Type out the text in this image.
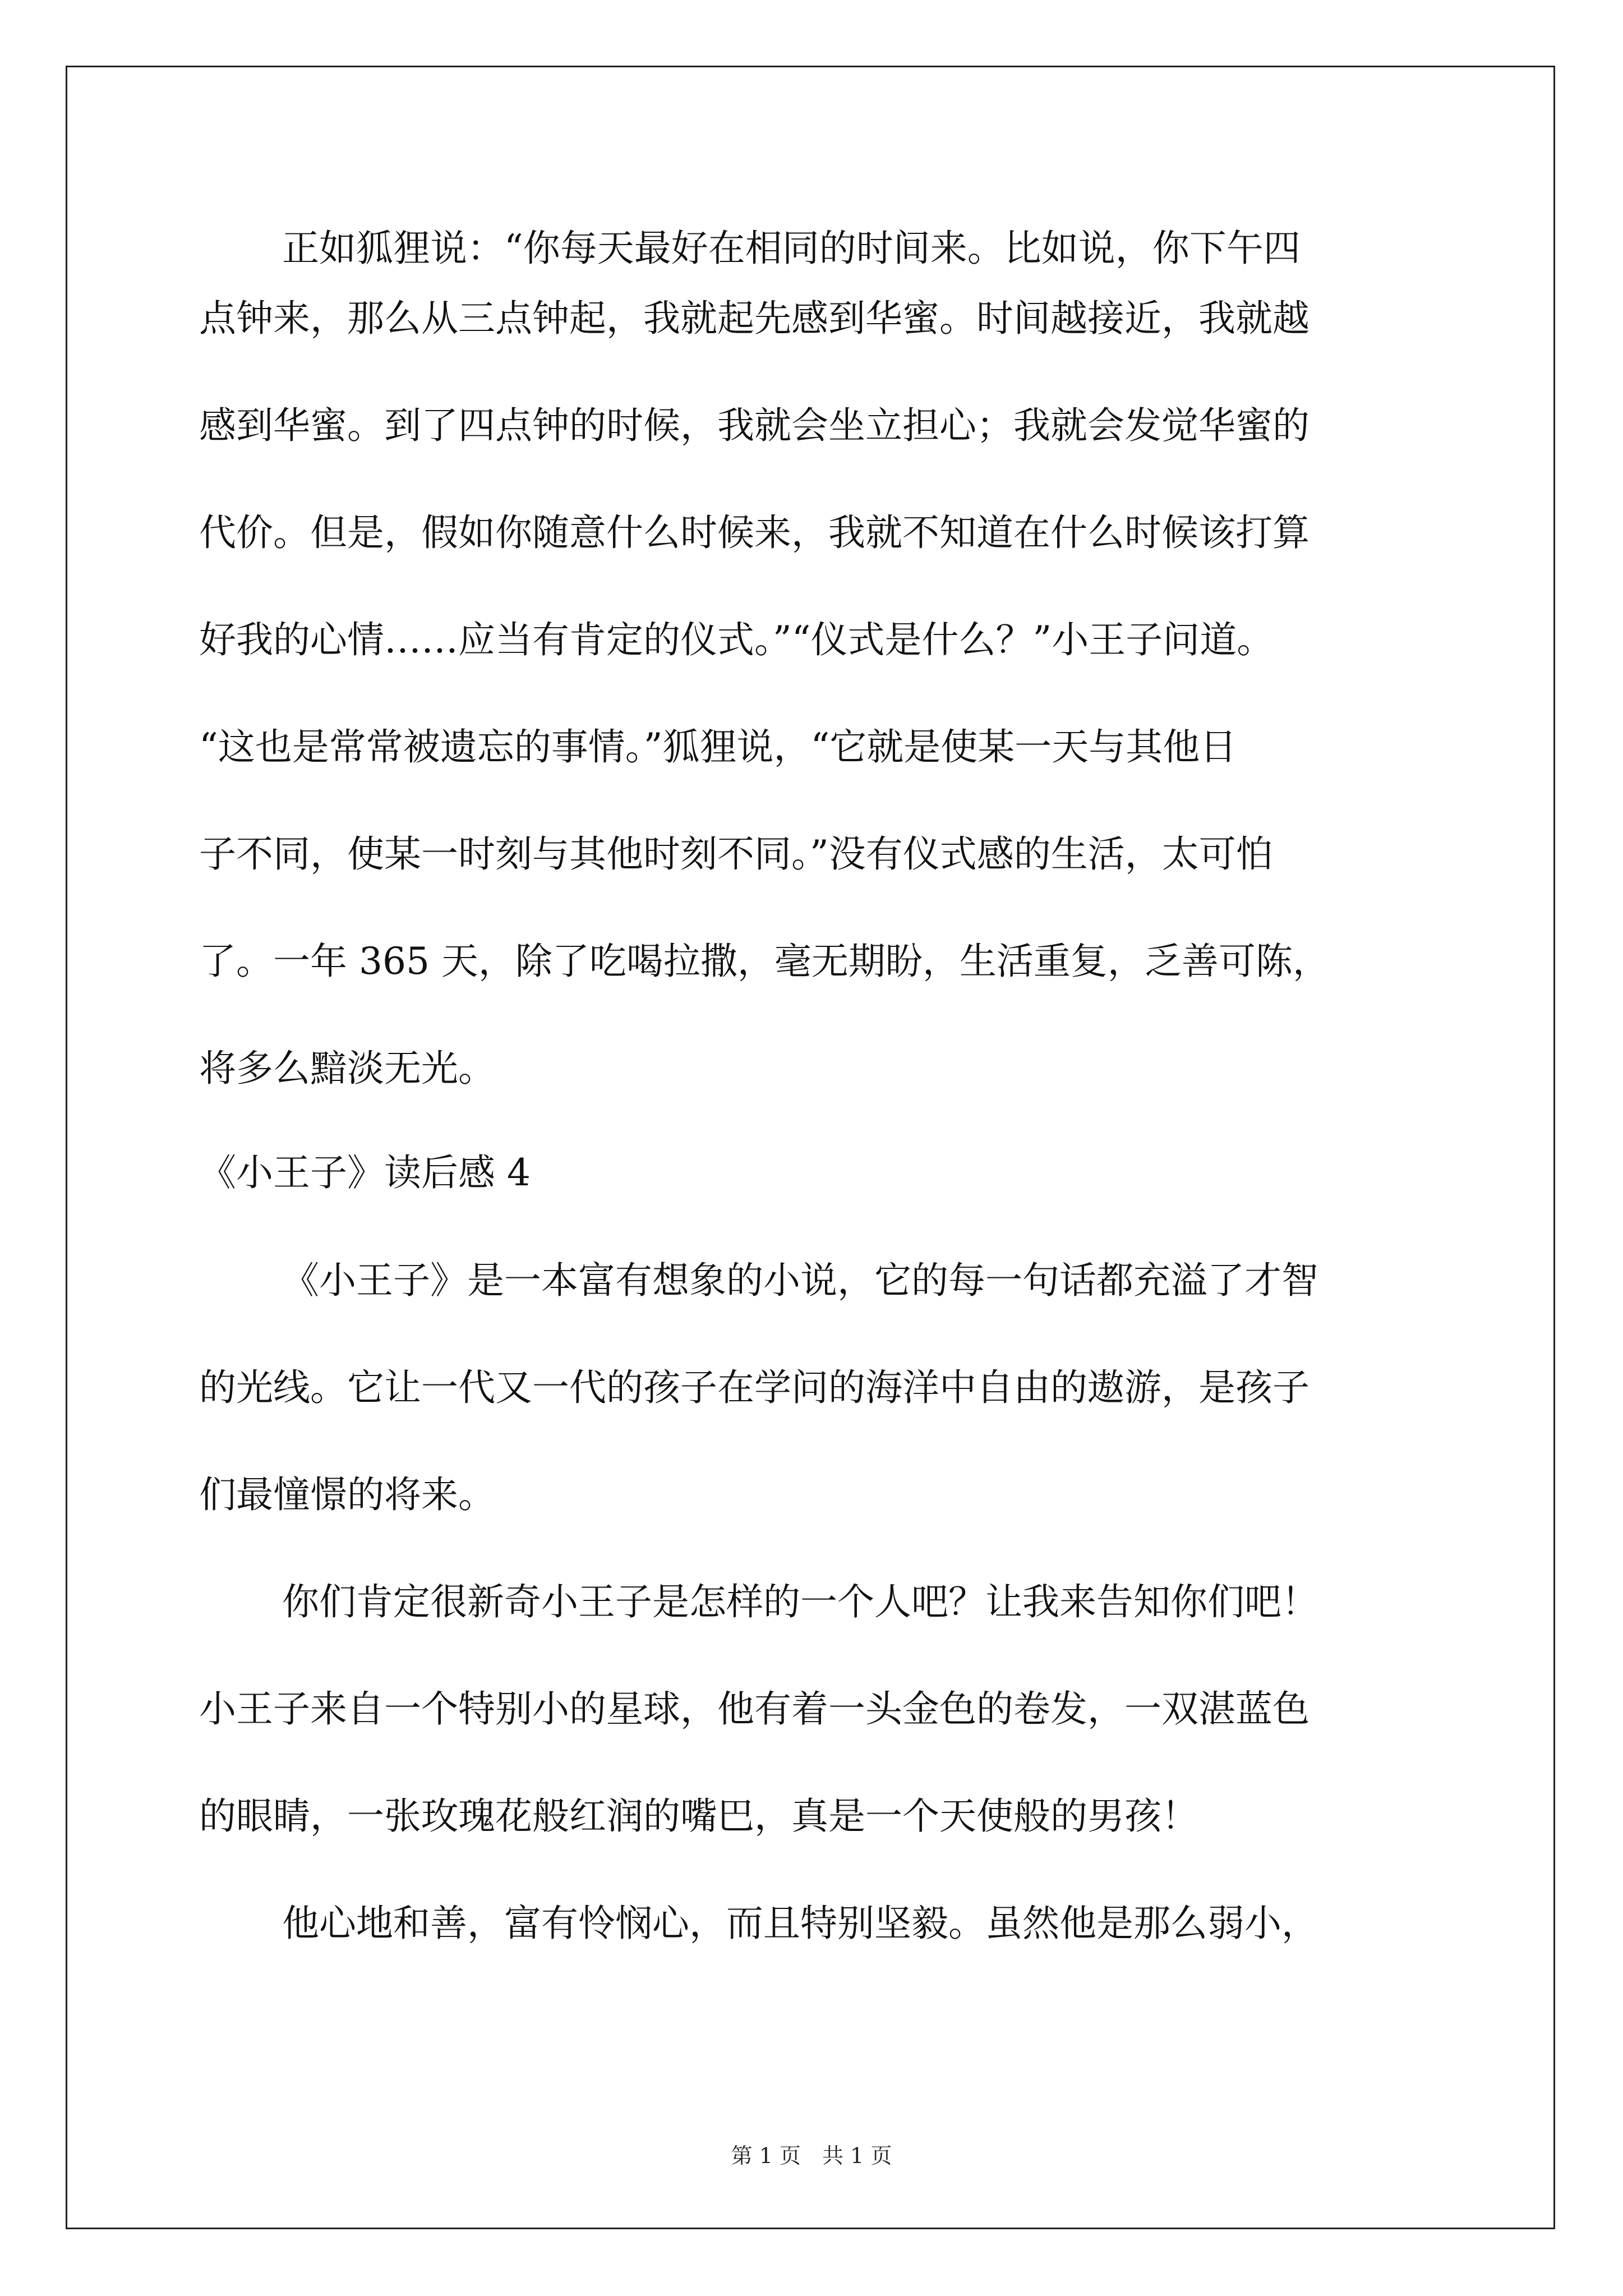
正如狐狸说：“你每天最好在相同的时间来。比如说，你下午四
点钟来，那么从三点钟起，我就起先感到华蜜。时间越接近，我就越
感到华蜜。到了四点钟的时候，我就会坐立担心；我就会发觉华蜜的
代价。但是，假如你随意什么时候来，我就不知道在什么时候该打算
好我的心情……应当有肯定的仪式。”“仪式是什么？”小王子问道。
“这也是常常被遗忘的事情。”狐狸说，“它就是使某一天与其他日
子不同，使某一时刻与其他时刻不同。”没有仪式感的生活，太可怕
了。一年 365 天，除了吃喝拉撒，毫无期盼，生活重复，乏善可陈，
将多么黯淡无光。
《小王子》读后感 4
《小王子》是一本富有想象的小说，它的每一句话都充溢了才智
的光线。它让一代又一代的孩子在学问的海洋中自由的遨游，是孩子
们最憧憬的将来。
你们肯定很新奇小王子是怎样的一个人吧？让我来告知你们吧！
小王子来自一个特别小的星球，他有着一头金色的卷发，一双湛蓝色
的眼睛，一张玫瑰花般红润的嘴巴，真是一个天使般的男孩！
他心地和善，富有怜悯心，而且特别坚毅。虽然他是那么弱小，
第 1 页　共 1 页
